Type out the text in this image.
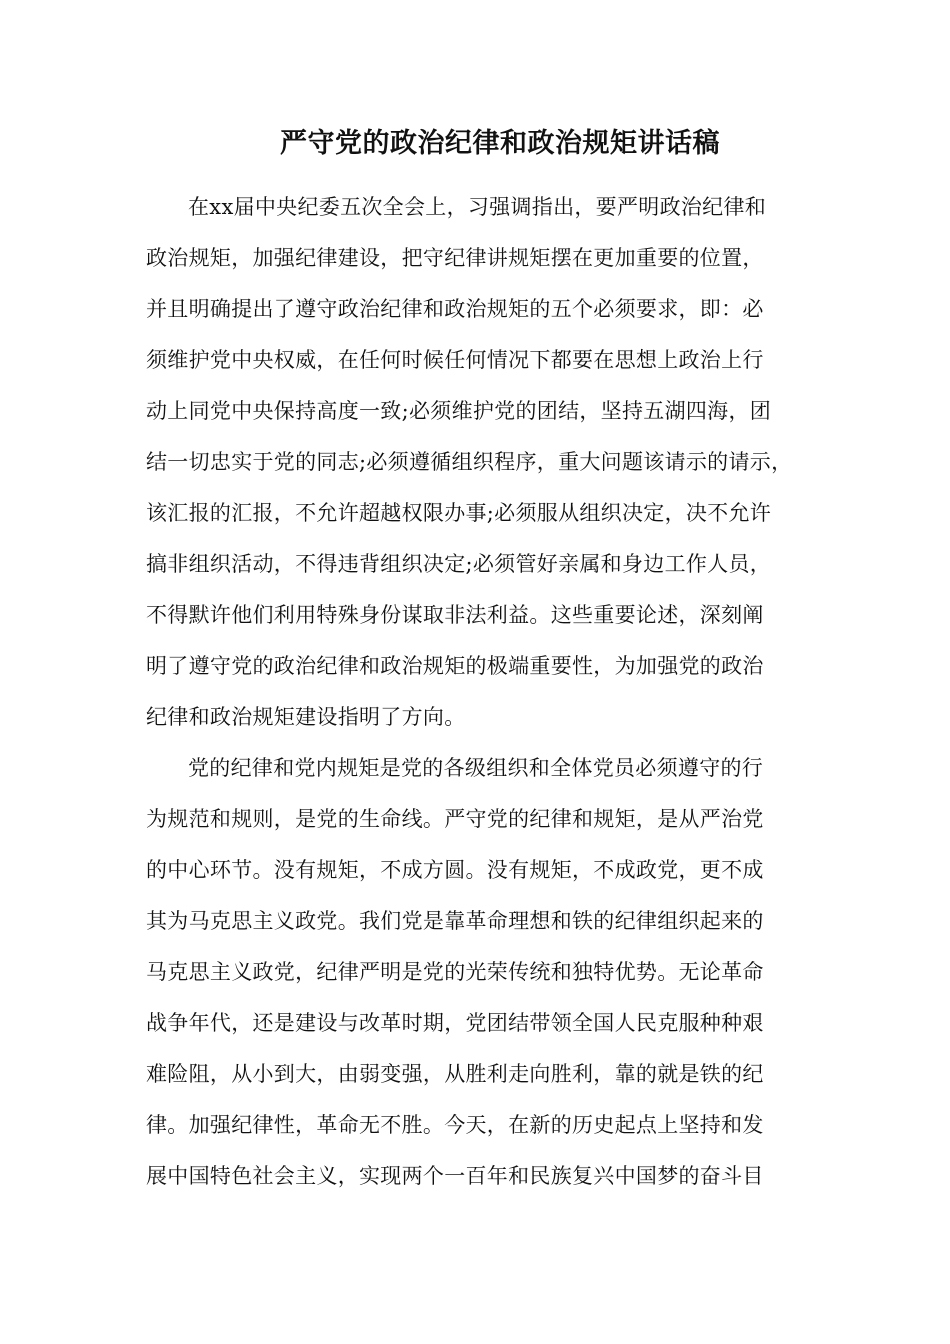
严守党的政治纪律和政治规矩讲话稿
在xx届中央纪委五次全会上，习强调指出，要严明政治纪律和
政治规矩，加强纪律建设，把守纪律讲规矩摆在更加重要的位置，
并且明确提出了遵守政治纪律和政治规矩的五个必须要求，即：必
须维护党中央权威，在任何时候任何情况下都要在思想上政治上行
动上同党中央保持高度一致;必须维护党的团结，坚持五湖四海，团
结一切忠实于党的同志;必须遵循组织程序，重大问题该请示的请示，
该汇报的汇报，不允许超越权限办事;必须服从组织决定，决不允许
搞非组织活动，不得违背组织决定;必须管好亲属和身边工作人员，
不得默许他们利用特殊身份谋取非法利益。这些重要论述，深刻阐
明了遵守党的政治纪律和政治规矩的极端重要性，为加强党的政治
纪律和政治规矩建设指明了方向。
党的纪律和党内规矩是党的各级组织和全体党员必须遵守的行
为规范和规则，是党的生命线。严守党的纪律和规矩，是从严治党
的中心环节。没有规矩，不成方圆。没有规矩，不成政党，更不成
其为马克思主义政党。我们党是靠革命理想和铁的纪律组织起来的
马克思主义政党，纪律严明是党的光荣传统和独特优势。无论革命
战争年代，还是建设与改革时期，党团结带领全国人民克服种种艰
难险阻，从小到大，由弱变强，从胜利走向胜利，靠的就是铁的纪
律。加强纪律性，革命无不胜。今天，在新的历史起点上坚持和发
展中国特色社会主义，实现两个一百年和民族复兴中国梦的奋斗目
